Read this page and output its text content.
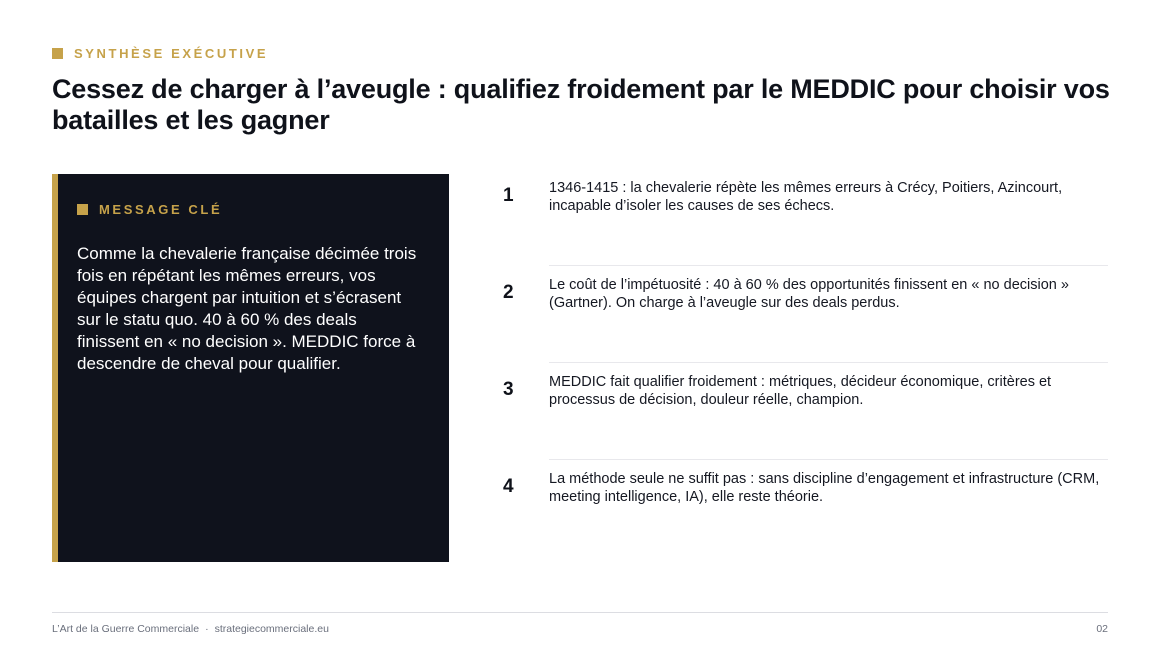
SYNTHÈSE EXÉCUTIVE
Cessez de charger à l’aveugle : qualifiez froidement par le MEDDIC pour choisir vos batailles et les gagner
MESSAGE CLÉ

Comme la chevalerie française décimée trois fois en répétant les mêmes erreurs, vos équipes chargent par intuition et s’écrasent sur le statu quo. 40 à 60 % des deals finissent en « no decision ». MEDDIC force à descendre de cheval pour qualifier.

1	1346-1415 : la chevalerie répète les mêmes erreurs à Crécy, Poitiers, Azincourt, incapable d’isoler les causes de ses échecs.

2	Le coût de l’impétuosité : 40 à 60 % des opportunités finissent en « no decision » (Gartner). On charge à l’aveugle sur des deals perdus.

3	MEDDIC fait qualifier froidement : métriques, décideur économique, critères et processus de décision, douleur réelle, champion.

4	La méthode seule ne suffit pas : sans discipline d’engagement et infrastructure (CRM, meeting intelligence, IA), elle reste théorie.

L’Art de la Guerre Commerciale · strategiecommerciale.eu	02
